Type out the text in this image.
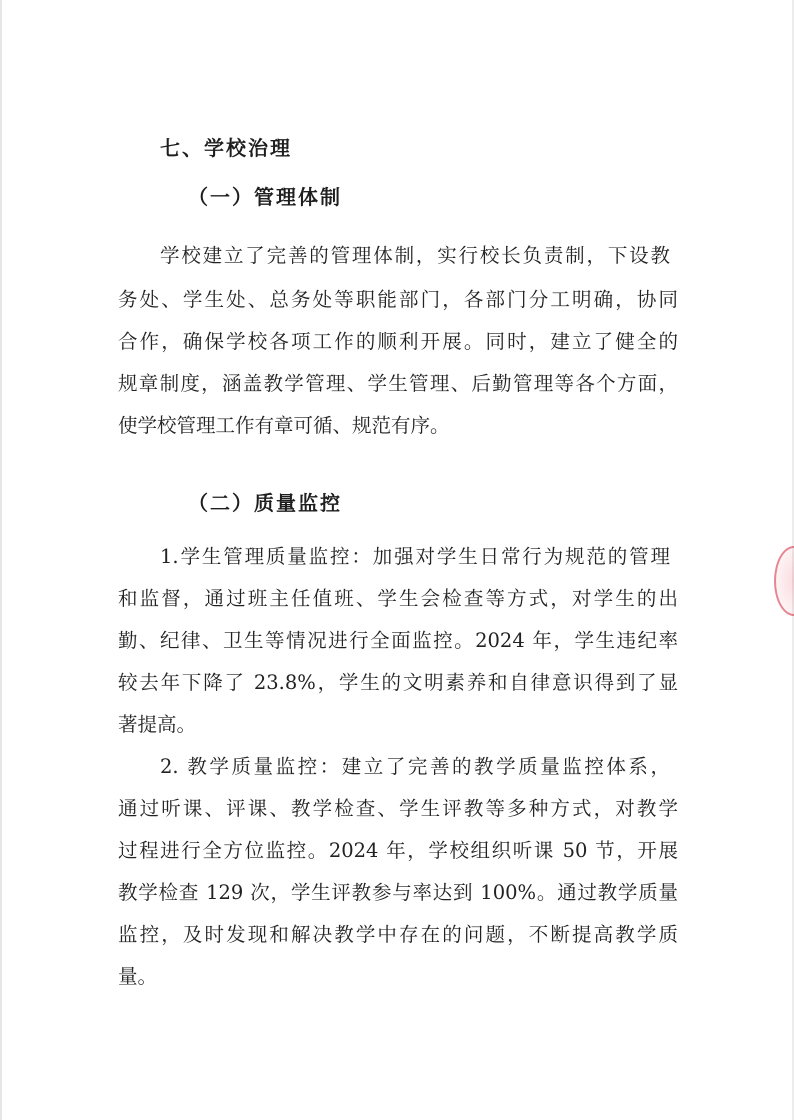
七、学校治理
（一）管理体制
学校建立了完善的管理体制，实行校长负责制，下设教
务处、学生处、总务处等职能部门，各部门分工明确，协同
合作，确保学校各项工作的顺利开展。同时，建立了健全的
规章制度，涵盖教学管理、学生管理、后勤管理等各个方面，
使学校管理工作有章可循、规范有序。
（二）质量监控
1.学生管理质量监控：加强对学生日常行为规范的管理
和监督，通过班主任值班、学生会检查等方式，对学生的出
勤、纪律、卫生等情况进行全面监控。2024 年，学生违纪率
较去年下降了 23.8%，学生的文明素养和自律意识得到了显
著提高。
2. 教学质量监控：建立了完善的教学质量监控体系，
通过听课、评课、教学检查、学生评教等多种方式，对教学
过程进行全方位监控。2024 年，学校组织听课 50 节，开展
教学检查 129 次，学生评教参与率达到 100%。通过教学质量
监控，及时发现和解决教学中存在的问题，不断提高教学质
量。
